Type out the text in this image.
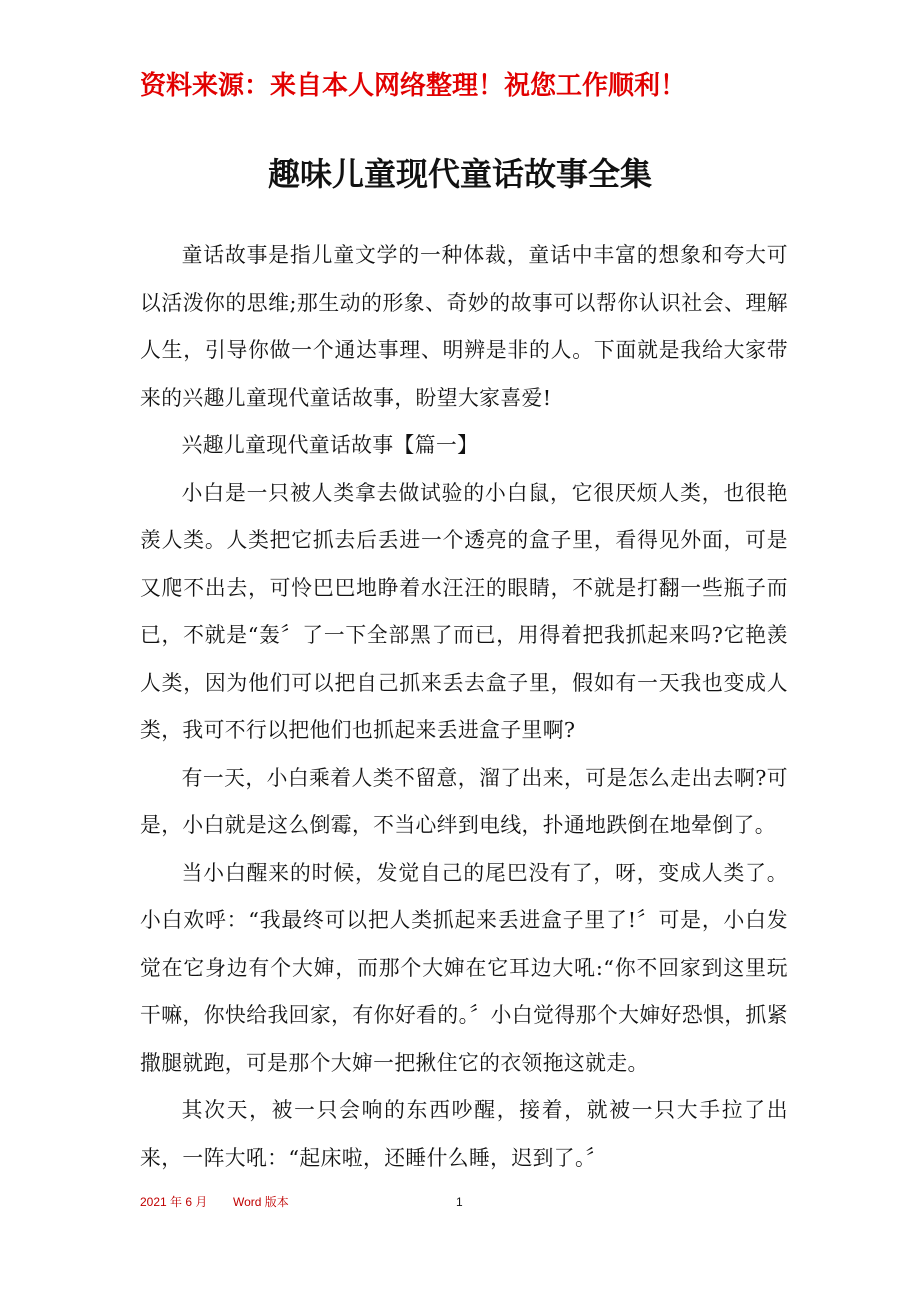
资料来源：来自本人网络整理！祝您工作顺利！
趣味儿童现代童话故事全集

童话故事是指儿童文学的一种体裁，童话中丰富的想象和夸大可以活泼你的思维;那生动的形象、奇妙的故事可以帮你认识社会、理解人生，引导你做一个通达事理、明辨是非的人。下面就是我给大家带来的兴趣儿童现代童话故事，盼望大家喜爱!

兴趣儿童现代童话故事【篇一】

小白是一只被人类拿去做试验的小白鼠，它很厌烦人类，也很艳羡人类。人类把它抓去后丢进一个透亮的盒子里，看得见外面，可是又爬不出去，可怜巴巴地睁着水汪汪的眼睛，不就是打翻一些瓶子而已，不就是“轰〞了一下全部黑了而已，用得着把我抓起来吗?它艳羡人类，因为他们可以把自己抓来丢去盒子里，假如有一天我也变成人类，我可不行以把他们也抓起来丢进盒子里啊?

有一天，小白乘着人类不留意，溜了出来，可是怎么走出去啊?可是，小白就是这么倒霉，不当心绊到电线，扑通地跌倒在地晕倒了。

当小白醒来的时候，发觉自己的尾巴没有了，呀，变成人类了。小白欢呼：“我最终可以把人类抓起来丢进盒子里了!〞可是，小白发觉在它身边有个大婶，而那个大婶在它耳边大吼:“你不回家到这里玩干嘛，你快给我回家，有你好看的。〞小白觉得那个大婶好恐惧，抓紧撒腿就跑，可是那个大婶一把揪住它的衣领拖这就走。

其次天，被一只会响的东西吵醒，接着，就被一只大手拉了出来，一阵大吼：“起床啦，还睡什么睡，迟到了。〞

2021 年 6 月 Word 版本	1
